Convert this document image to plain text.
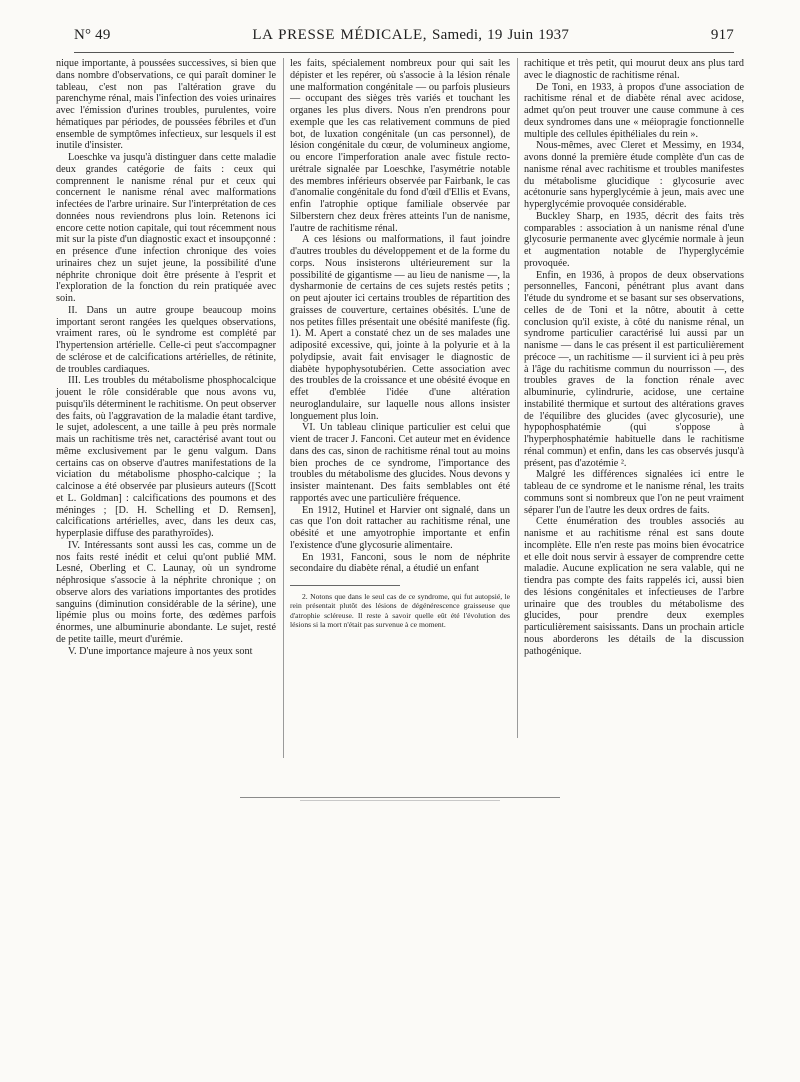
N° 49	LA PRESSE MÉDICALE, Samedi, 19 Juin 1937	917

nique importante, à poussées successives, si bien que dans nombre d'observations, ce qui paraît dominer le tableau, c'est non pas l'altération grave du parenchyme rénal, mais l'infection des voies urinaires avec l'émission d'urines troubles, purulentes, voire hématiques par périodes, de poussées fébriles et d'un ensemble de symptômes infectieux, sur lesquels il est inutile d'insister.

Loeschke va jusqu'à distinguer dans cette maladie deux grandes catégorie de faits : ceux qui comprennent le nanisme rénal pur et ceux qui concernent le nanisme rénal avec malformations infectées de l'arbre urinaire. Sur l'interprétation de ces données nous reviendrons plus loin. Retenons ici encore cette notion capitale, qui tout récemment nous mit sur la piste d'un diagnostic exact et insoupçonné : en présence d'une infection chronique des voies urinaires chez un sujet jeune, la possibilité d'une néphrite chronique doit être présente à l'esprit et l'exploration de la fonction du rein pratiquée avec soin.

II. Dans un autre groupe beaucoup moins important seront rangées les quelques observations, vraiment rares, où le syndrome est complété par l'hypertension artérielle. Celle-ci peut s'accompagner de sclérose et de calcifications artérielles, de rétinite, de troubles cardiaques.

III. Les troubles du métabolisme phosphocalcique jouent le rôle considérable que nous avons vu, puisqu'ils déterminent le rachitisme. On peut observer des faits, où l'aggravation de la maladie étant tardive, le sujet, adolescent, a une taille à peu près normale mais un rachitisme très net, caractérisé avant tout ou même exclusivement par le genu valgum. Dans certains cas on observe d'autres manifestations de la viciation du métabolisme phospho-calcique ; la calcinose a été observée par plusieurs auteurs ([Scott et L. Goldman] : calcifications des poumons et des méninges ; [D. H. Schelling et D. Remsen], calcifications artérielles, avec, dans les deux cas, hyperplasie diffuse des parathyroïdes).

IV. Intéressants sont aussi les cas, comme un de nos faits resté inédit et celui qu'ont publié MM. Lesné, Oberling et C. Launay, où un syndrome néphrosique s'associe à la néphrite chronique ; on observe alors des variations importantes des protides sanguins (diminution considérable de la sérine), une lipémie plus ou moins forte, des œdèmes parfois énormes, une albuminurie abondante. Le sujet, resté de petite taille, meurt d'urémie.

V. D'une importance majeure à nos yeux sont

les faits, spécialement nombreux pour qui sait les dépister et les repérer, où s'associe à la lésion rénale une malformation congénitale — ou parfois plusieurs — occupant des sièges très variés et touchant les organes les plus divers. Nous n'en prendrons pour exemple que les cas relativement communs de pied bot, de luxation congénitale (un cas personnel), de lésion congénitale du cœur, de volumineux angiome, ou encore l'imperforation anale avec fistule recto-urétrale signalée par Loeschke, l'asymétrie notable des membres inférieurs observée par Fairbank, le cas d'anomalie congénitale du fond d'œil d'Ellis et Evans, enfin l'atrophie optique familiale observée par Silberstern chez deux frères atteints l'un de nanisme, l'autre de rachitisme rénal.

A ces lésions ou malformations, il faut joindre d'autres troubles du développement et de la forme du corps. Nous insisterons ultérieurement sur la possibilité de gigantisme — au lieu de nanisme —, la dysharmonie de certains de ces sujets restés petits ; on peut ajouter ici certains troubles de répartition des graisses de couverture, certaines obésités. L'une de nos petites filles présentait une obésité manifeste (fig. 1). M. Apert a constaté chez un de ses malades une adiposité excessive, qui, jointe à la polyurie et à la polydipsie, avait fait envisager le diagnostic de diabète hypophysotubérien. Cette association avec des troubles de la croissance et une obésité évoque en effet d'emblée l'idée d'une altération neuroglandulaire, sur laquelle nous allons insister longuement plus loin.

VI. Un tableau clinique particulier est celui que vient de tracer J. Fanconi. Cet auteur met en évidence dans des cas, sinon de rachitisme rénal tout au moins bien proches de ce syndrome, l'importance des troubles du métabolisme des glucides. Nous devons y insister maintenant. Des faits semblables ont été rapportés avec une particulière fréquence.

En 1912, Hutinel et Harvier ont signalé, dans un cas que l'on doit rattacher au rachitisme rénal, une obésité et une amyotrophie importante et enfin l'existence d'une glycosurie alimentaire.

En 1931, Fanconi, sous le nom de néphrite secondaire du diabète rénal, a étudié un enfant

2. Notons que dans le seul cas de ce syndrome, qui fut autopsié, le rein présentait plutôt des lésions de dégénérescence graisseuse que d'atrophie scléreuse. Il reste à savoir quelle eût été l'évolution des lésions si la mort n'était pas survenue à ce moment.

rachitique et très petit, qui mourut deux ans plus tard avec le diagnostic de rachitisme rénal.

De Toni, en 1933, à propos d'une association de rachitisme rénal et de diabète rénal avec acidose, admet qu'on peut trouver une cause commune à ces deux syndromes dans une « méiopragie fonctionnelle multiple des cellules épithéliales du rein ».

Nous-mêmes, avec Cleret et Messimy, en 1934, avons donné la première étude complète d'un cas de nanisme rénal avec rachitisme et troubles manifestes du métabolisme glucidique : glycosurie avec acétonurie sans hyperglycémie à jeun, mais avec une hyperglycémie provoquée considérable.

Buckley Sharp, en 1935, décrit des faits très comparables : association à un nanisme rénal d'une glycosurie permanente avec glycémie normale à jeun et augmentation notable de l'hyperglycémie provoquée.

Enfin, en 1936, à propos de deux observations personnelles, Fanconi, pénétrant plus avant dans l'étude du syndrome et se basant sur ses observations, celles de de Toni et la nôtre, aboutit à cette conclusion qu'il existe, à côté du nanisme rénal, un syndrome particulier caractérisé lui aussi par un nanisme — dans le cas présent il est particulièrement précoce —, un rachitisme — il survient ici à peu près à l'âge du rachitisme commun du nourrisson —, des troubles graves de la fonction rénale avec albuminurie, cylindrurie, acidose, une certaine instabilité thermique et surtout des altérations graves de l'équilibre des glucides (avec glycosurie), une hypophosphatémie (qui s'oppose à l'hyperphosphatémie habituelle dans le rachitisme rénal commun) et enfin, dans les cas observés jusqu'à présent, pas d'azotémie ².

Malgré les différences signalées ici entre le tableau de ce syndrome et le nanisme rénal, les traits communs sont si nombreux que l'on ne peut vraiment séparer l'un de l'autre les deux ordres de faits.

Cette énumération des troubles associés au nanisme et au rachitisme rénal est sans doute incomplète. Elle n'en reste pas moins bien évocatrice et elle doit nous servir à essayer de comprendre cette maladie. Aucune explication ne sera valable, qui ne tiendra pas compte des faits rappelés ici, aussi bien des lésions congénitales et infectieuses de l'arbre urinaire que des troubles du métabolisme des glucides, pour prendre deux exemples particulièrement saisissants. Dans un prochain article nous aborderons les détails de la discussion pathogénique.
